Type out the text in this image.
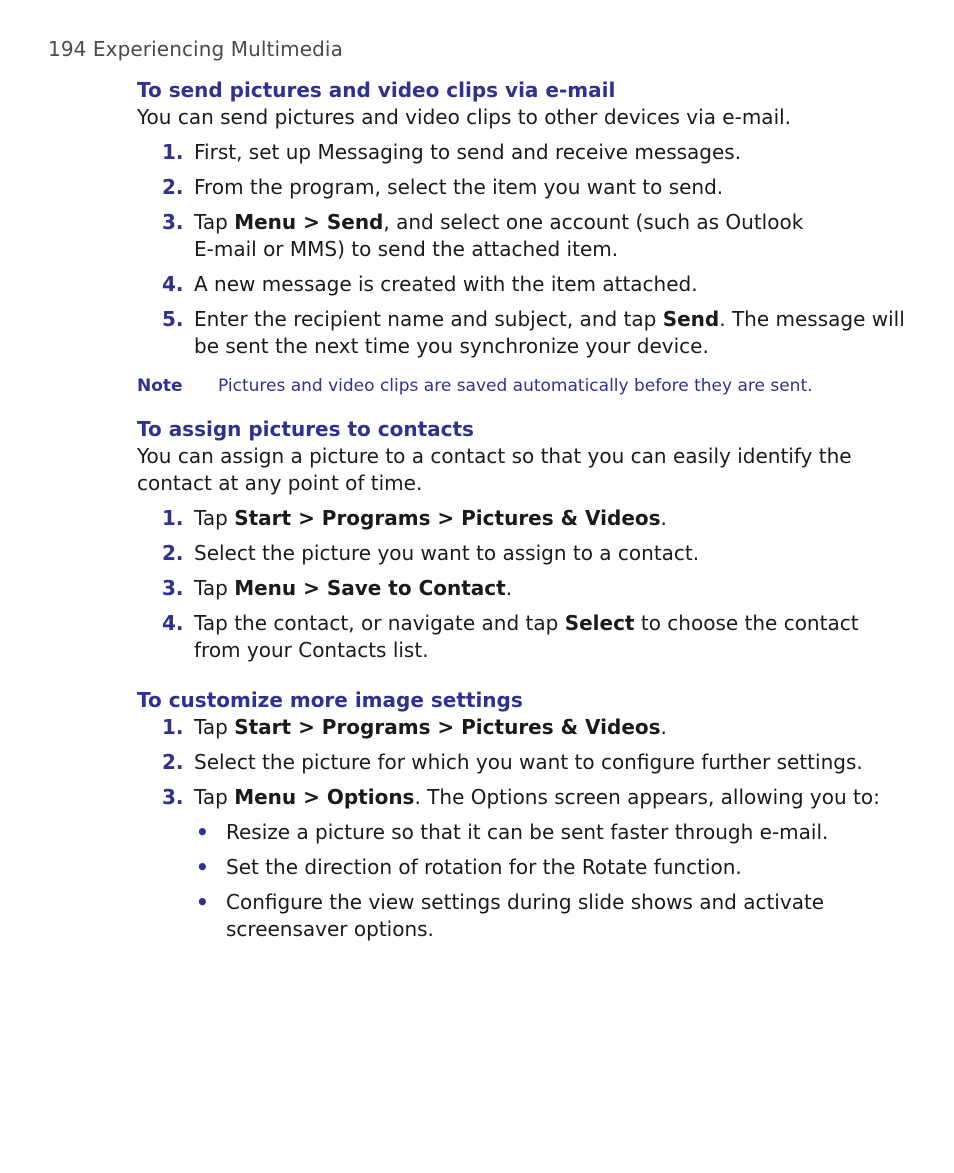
194 Experiencing Multimedia
To send pictures and video clips via e-mail
You can send pictures and video clips to other devices via e-mail.
1. First, set up Messaging to send and receive messages.
2. From the program, select the item you want to send.
3. Tap Menu > Send, and select one account (such as Outlook
E-mail or MMS) to send the attached item.
4. A new message is created with the item attached.
5. Enter the recipient name and subject, and tap Send. The message will
be sent the next time you synchronize your device.
Note Pictures and video clips are saved automatically before they are sent.
To assign pictures to contacts
You can assign a picture to a contact so that you can easily identify the
contact at any point of time.
1. Tap Start > Programs > Pictures & Videos.
2. Select the picture you want to assign to a contact.
3. Tap Menu > Save to Contact.
4. Tap the contact, or navigate and tap Select to choose the contact
from your Contacts list.
To customize more image settings
1. Tap Start > Programs > Pictures & Videos.
2. Select the picture for which you want to configure further settings.
3. Tap Menu > Options. The Options screen appears, allowing you to:
• Resize a picture so that it can be sent faster through e-mail.
• Set the direction of rotation for the Rotate function.
• Configure the view settings during slide shows and activate
screensaver options.
